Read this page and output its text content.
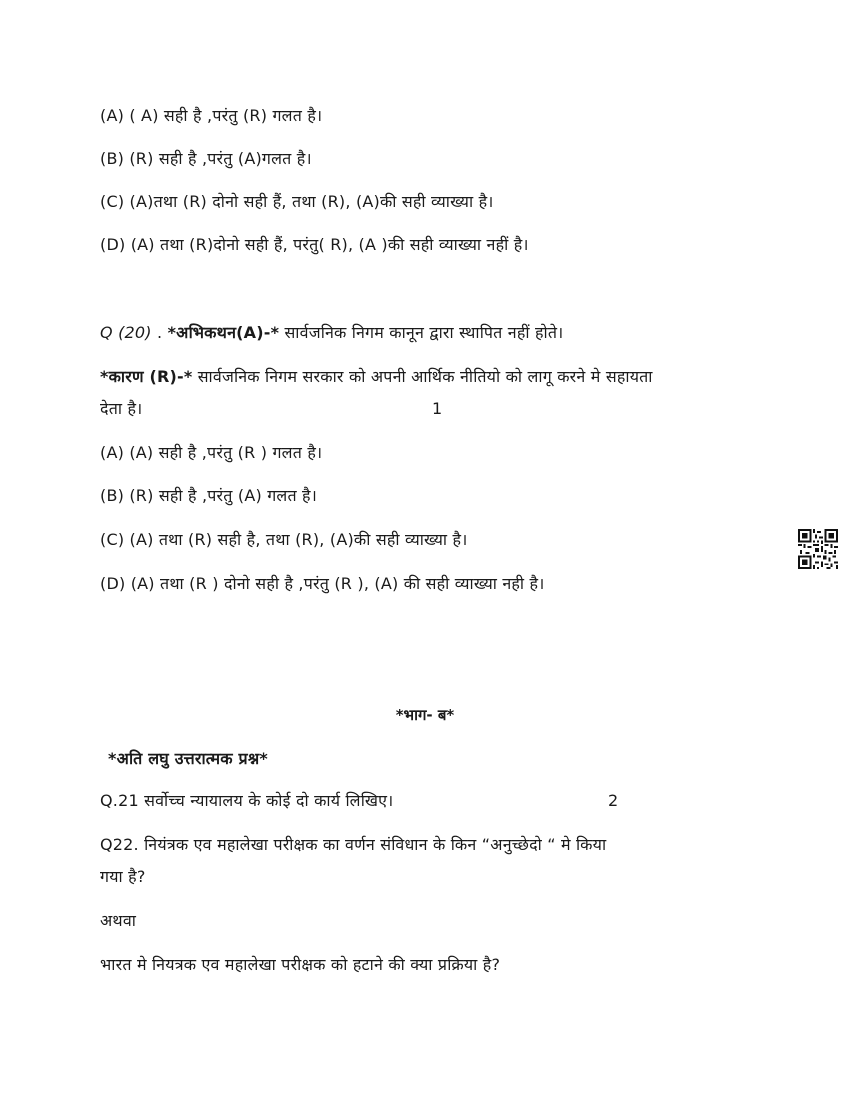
(A) ( A) सही है ,परंतु (R) गलत है।
(B) (R) सही है ,परंतु (A)गलत है।
(C) (A)तथा (R) दोनो सही हैं, तथा (R), (A)की सही व्याख्या है।
(D) (A) तथा (R)दोनो सही हैं, परंतु( R), (A )की सही व्याख्या नहीं है।
Q (20) . *अभिकथन(A)-* सार्वजनिक निगम कानून द्वारा स्थापित नहीं होते।
*कारण (R)-* सार्वजनिक निगम सरकार को अपनी आर्थिक नीतियो को लागू करने मे सहायता
देता है।	1
(A) (A) सही है ,परंतु (R ) गलत है।
(B) (R) सही है ,परंतु (A) गलत है।
(C) (A) तथा (R) सही है, तथा (R), (A)की सही व्याख्या है।
(D) (A) तथा (R ) दोनो सही है ,परंतु (R ), (A) की सही व्याख्या नही है।
*भाग- ब*
*अति लघु उत्तरात्मक प्रश्न*
Q.21 सर्वोच्च न्यायालय के कोई दो कार्य लिखिए।	2
Q22. नियंत्रक एव महालेखा परीक्षक का वर्णन संविधान के किन “अनुच्छेदो “ मे किया
गया है?
अथवा
भारत मे नियत्रक एव महालेखा परीक्षक को हटाने की क्या प्रक्रिया है?
